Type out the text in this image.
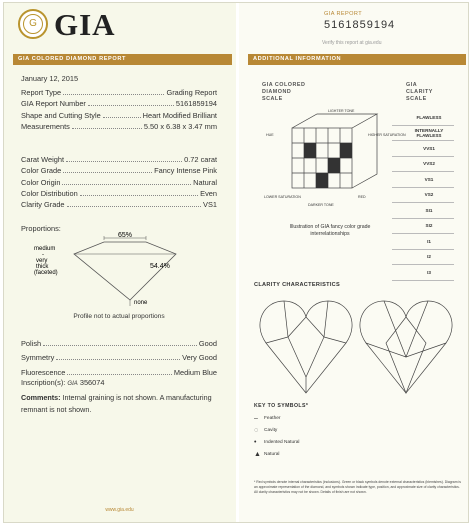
G GIA
GIA COLORED DIAMOND REPORT
January 12, 2015
Report Type	Grading Report
GIA Report Number	5161859194
Shape and Cutting Style	Heart Modified Brilliant
Measurements	5.50 x 6.38 x 3.47 mm
Carat Weight	0.72 carat
Color Grade	Fancy Intense Pink
Color Origin	Natural
Color Distribution	Even
Clarity Grade	VS1
Proportions:
65%
54.4%
none
medium
-
very
thick
(faceted)
Profile not to actual proportions
Polish	Good
Symmetry	Very Good
Fluorescence	Medium Blue
Inscription(s): GIA 356074
Comments: Internal graining is not shown. A manufacturing remnant is not shown.
www.gia.edu
GIA REPORT
5161859194
Verify this report at gia.edu
ADDITIONAL INFORMATION
GIA COLORED
DIAMOND
SCALE
GIA
CLARITY
SCALE
LIGHTER TONE
HIGHER SATURATION
HUE
LOWER SATURATION
DARKER TONE
RED
Illustration of GIA fancy color grade interrelationships
FLAWLESS
INTERNALLY FLAWLESS
VVS1
VVS2
VS1
VS2
SI1
SI2
I1
I2
I3
CLARITY CHARACTERISTICS
KEY TO SYMBOLS*
–	Feather
◌	Cavity
•	Indented Natural
▲ Natural
* Red symbols denote internal characteristics (inclusions). Green or black symbols denote external characteristics (blemishes). Diagram is an approximate representation of the diamond, and symbols shown indicate type, position, and approximate size of clarity characteristics. All clarity characteristics may not be shown. Details of finish are not shown.
